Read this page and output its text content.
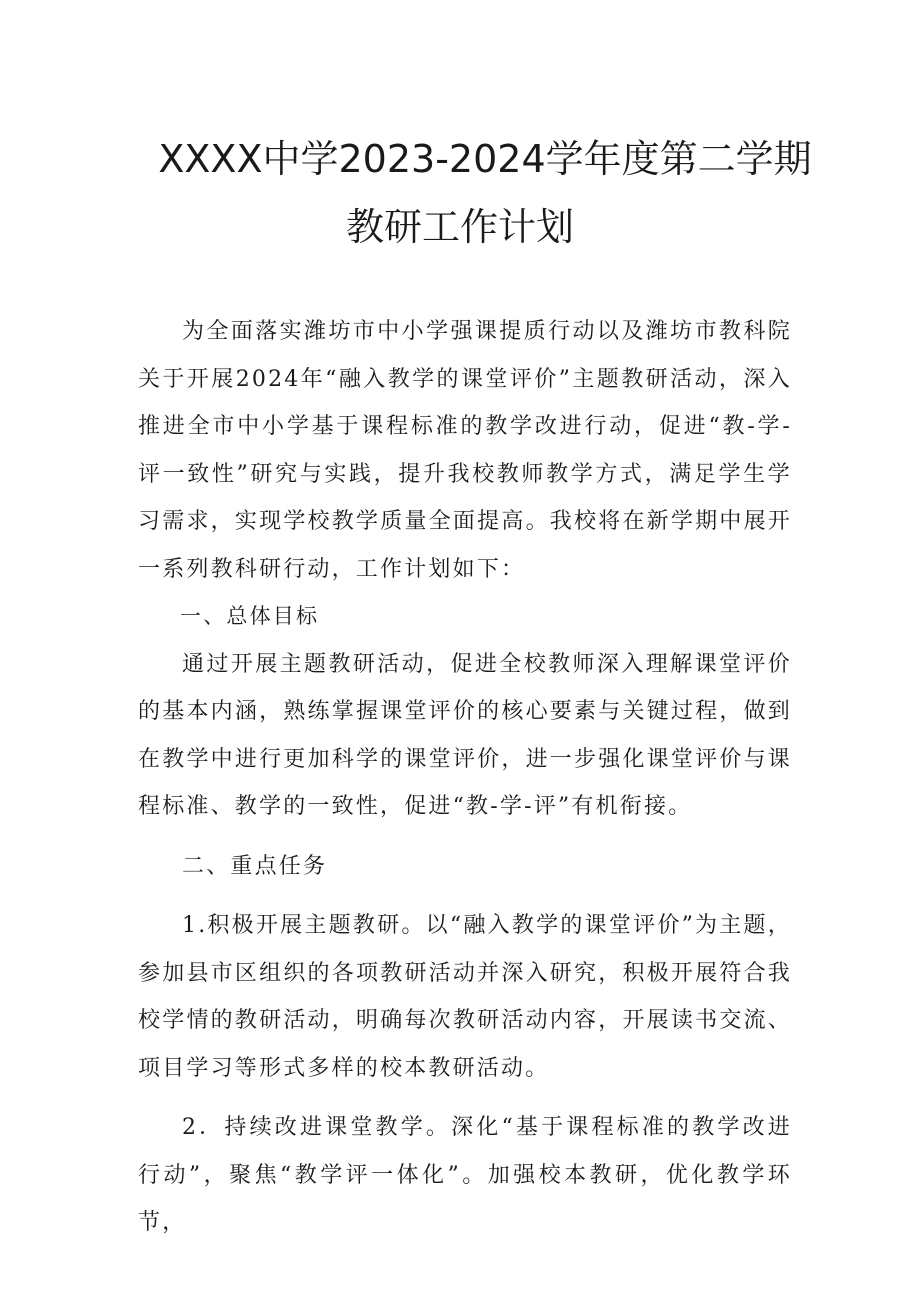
XXXX中学2023-2024学年度第二学期
教研工作计划

为全面落实潍坊市中小学强课提质行动以及潍坊市教科院关于开展2024年“融入教学的课堂评价”主题教研活动，深入推进全市中小学基于课程标准的教学改进行动，促进“教-学-评一致性”研究与实践，提升我校教师教学方式，满足学生学习需求，实现学校教学质量全面提高。我校将在新学期中展开一系列教科研行动，工作计划如下：

一、总体目标

通过开展主题教研活动，促进全校教师深入理解课堂评价的基本内涵，熟练掌握课堂评价的核心要素与关键过程，做到在教学中进行更加科学的课堂评价，进一步强化课堂评价与课程标准、教学的一致性，促进“教-学-评”有机衔接。

二、重点任务

1.积极开展主题教研。以“融入教学的课堂评价”为主题，参加县市区组织的各项教研活动并深入研究，积极开展符合我校学情的教研活动，明确每次教研活动内容，开展读书交流、项目学习等形式多样的校本教研活动。

2．持续改进课堂教学。深化“基于课程标准的教学改进行动”，聚焦“教学评一体化”。加强校本教研，优化教学环节，
